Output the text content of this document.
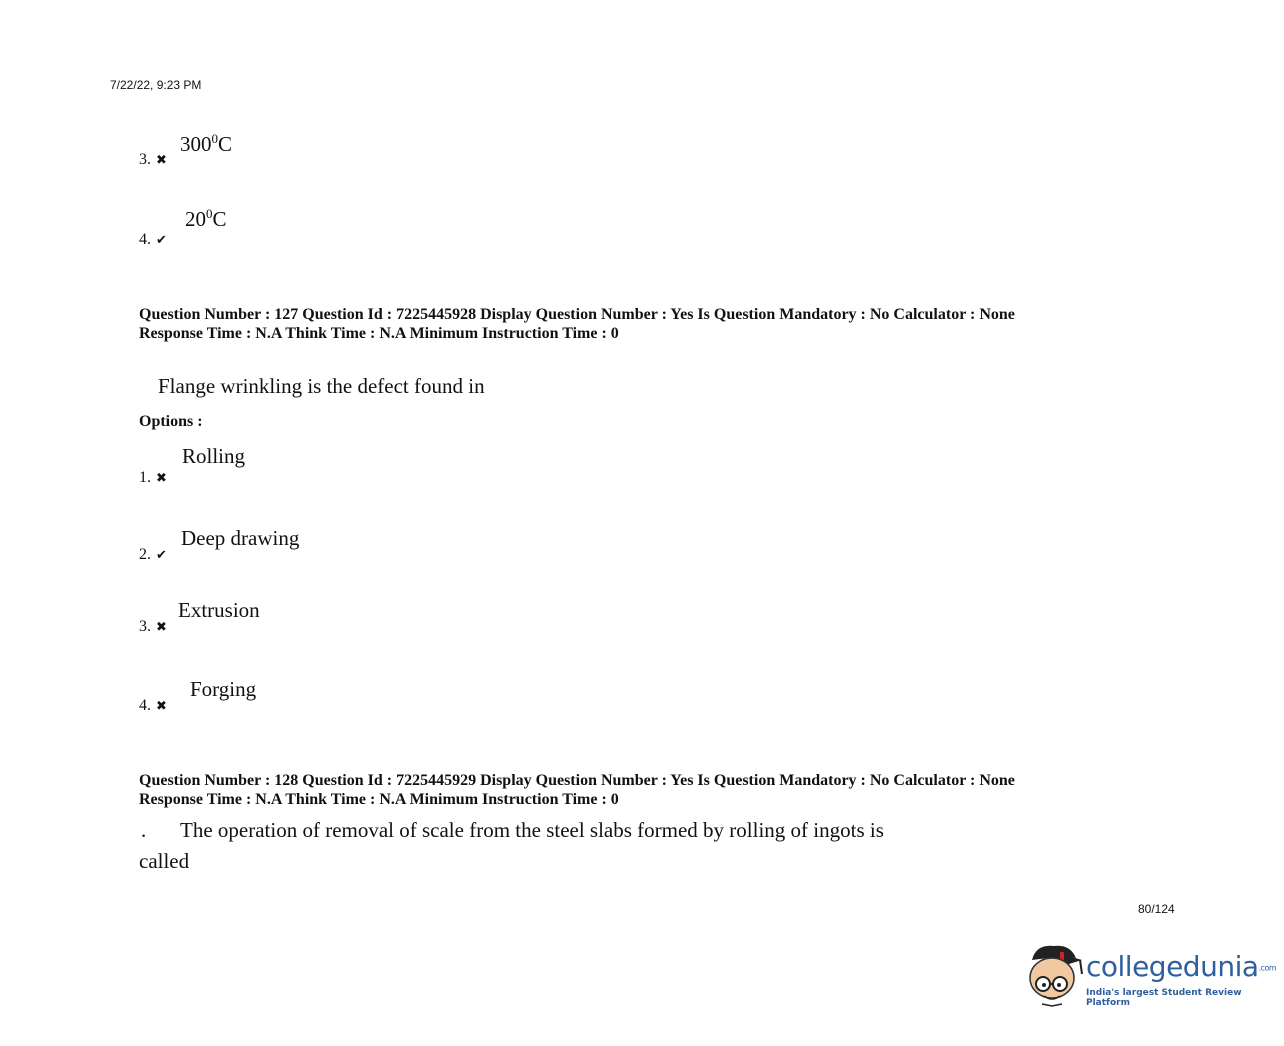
7/22/22, 9:23 PM
3. ✖
$300^0C$
4. ✔
$20^0C$
Question Number : 127 Question Id : 7225445928 Display Question Number : Yes Is Question Mandatory : No Calculator : None
Response Time : N.A Think Time : N.A Minimum Instruction Time : 0
Flange wrinkling is the defect found in
Options :
1. ✖
Rolling
2. ✔
Deep drawing
3. ✖
Extrusion
4. ✖
Forging
Question Number : 128 Question Id : 7225445929 Display Question Number : Yes Is Question Mandatory : No Calculator : None
Response Time : N.A Think Time : N.A Minimum Instruction Time : 0
. The operation of removal of scale from the steel slabs formed by rolling of ingots is
called
80/124
collegedunia.com
India's largest Student Review Platform
